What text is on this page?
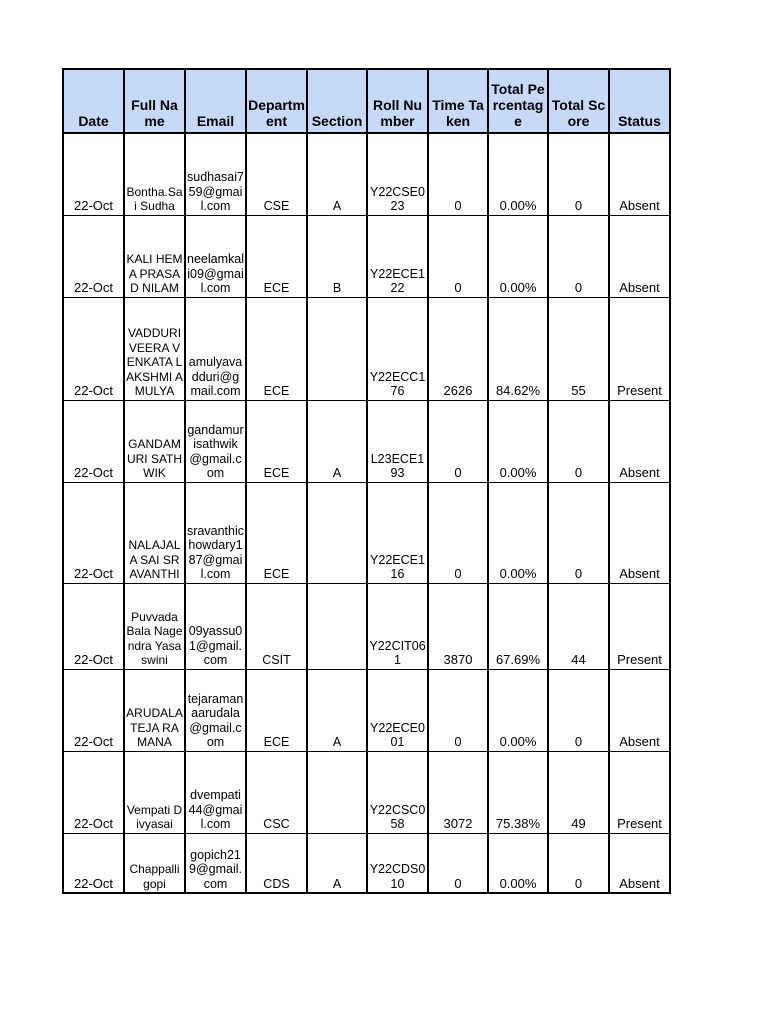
Date	Full Name	Email	Department	Section	Roll Number	Time Taken	Total Percentage	Total Score	Status
22-Oct	Bontha.Sai Sudha	sudhasai759@gmail.com	CSE	A	Y22CSE023	0	0.00%	0	Absent
22-Oct	KALI HEMA PRASAD NILAM	neelamkali09@gmail.com	ECE	B	Y22ECE122	0	0.00%	0	Absent
22-Oct	VADDURI VEERA VENKATA LAKSHMI AMULYA	amulyavadduri@gmail.com	ECE		Y22ECC176	2626	84.62%	55	Present
22-Oct	GANDAMURI SATHWIK	gandamurisathwik@gmail.com	ECE	A	L23ECE193	0	0.00%	0	Absent
22-Oct	NALAJALA SAI SRAVANTHI	sravanthichowdary187@gmail.com	ECE		Y22ECE116	0	0.00%	0	Absent
22-Oct	Puvvada Bala Nagendra Yasaswini	09yassu01@gmail.com	CSIT		Y22CIT061	3870	67.69%	44	Present
22-Oct	ARUDALA TEJA RAMANA	tejaramanaarudala@gmail.com	ECE	A	Y22ECE001	0	0.00%	0	Absent
22-Oct	Vempati Divyasai	dvempati44@gmail.com	CSC		Y22CSC058	3072	75.38%	49	Present
22-Oct	Chappalli gopi	gopich219@gmail.com	CDS	A	Y22CDS010	0	0.00%	0	Absent
